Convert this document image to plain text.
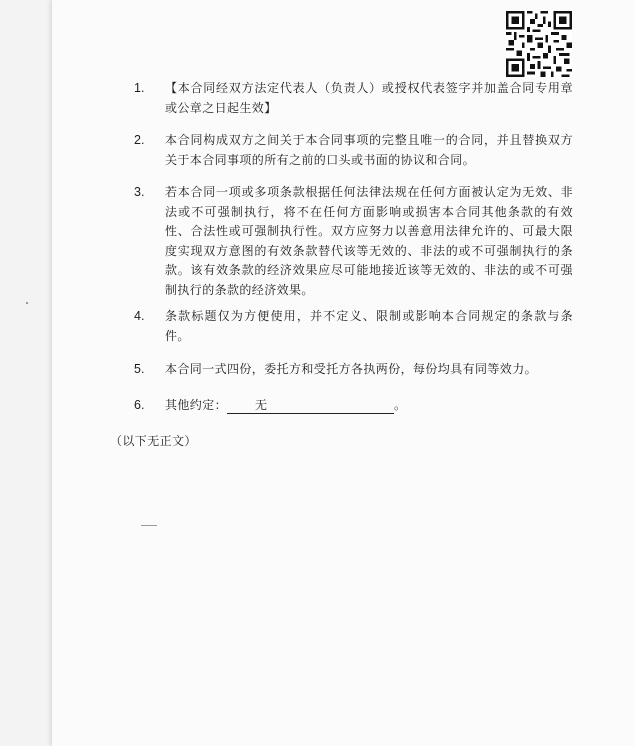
1.	【本合同经双方法定代表人（负责人）或授权代表签字并加盖合同专用章或公章之日起生效】
2.	本合同构成双方之间关于本合同事项的完整且唯一的合同，并且替换双方关于本合同事项的所有之前的口头或书面的协议和合同。
3.	若本合同一项或多项条款根据任何法律法规在任何方面被认定为无效、非法或不可强制执行，将不在任何方面影响或损害本合同其他条款的有效性、合法性或可强制执行性。双方应努力以善意用法律允许的、可最大限度实现双方意图的有效条款替代该等无效的、非法的或不可强制执行的条款。该有效条款的经济效果应尽可能地接近该等无效的、非法的或不可强制执行的条款的经济效果。
4.	条款标题仅为方便使用，并不定义、限制或影响本合同规定的条款与条件。
5.	本合同一式四份，委托方和受托方各执两份，每份均具有同等效力。
6.	其他约定： 无	。
（以下无正文）
